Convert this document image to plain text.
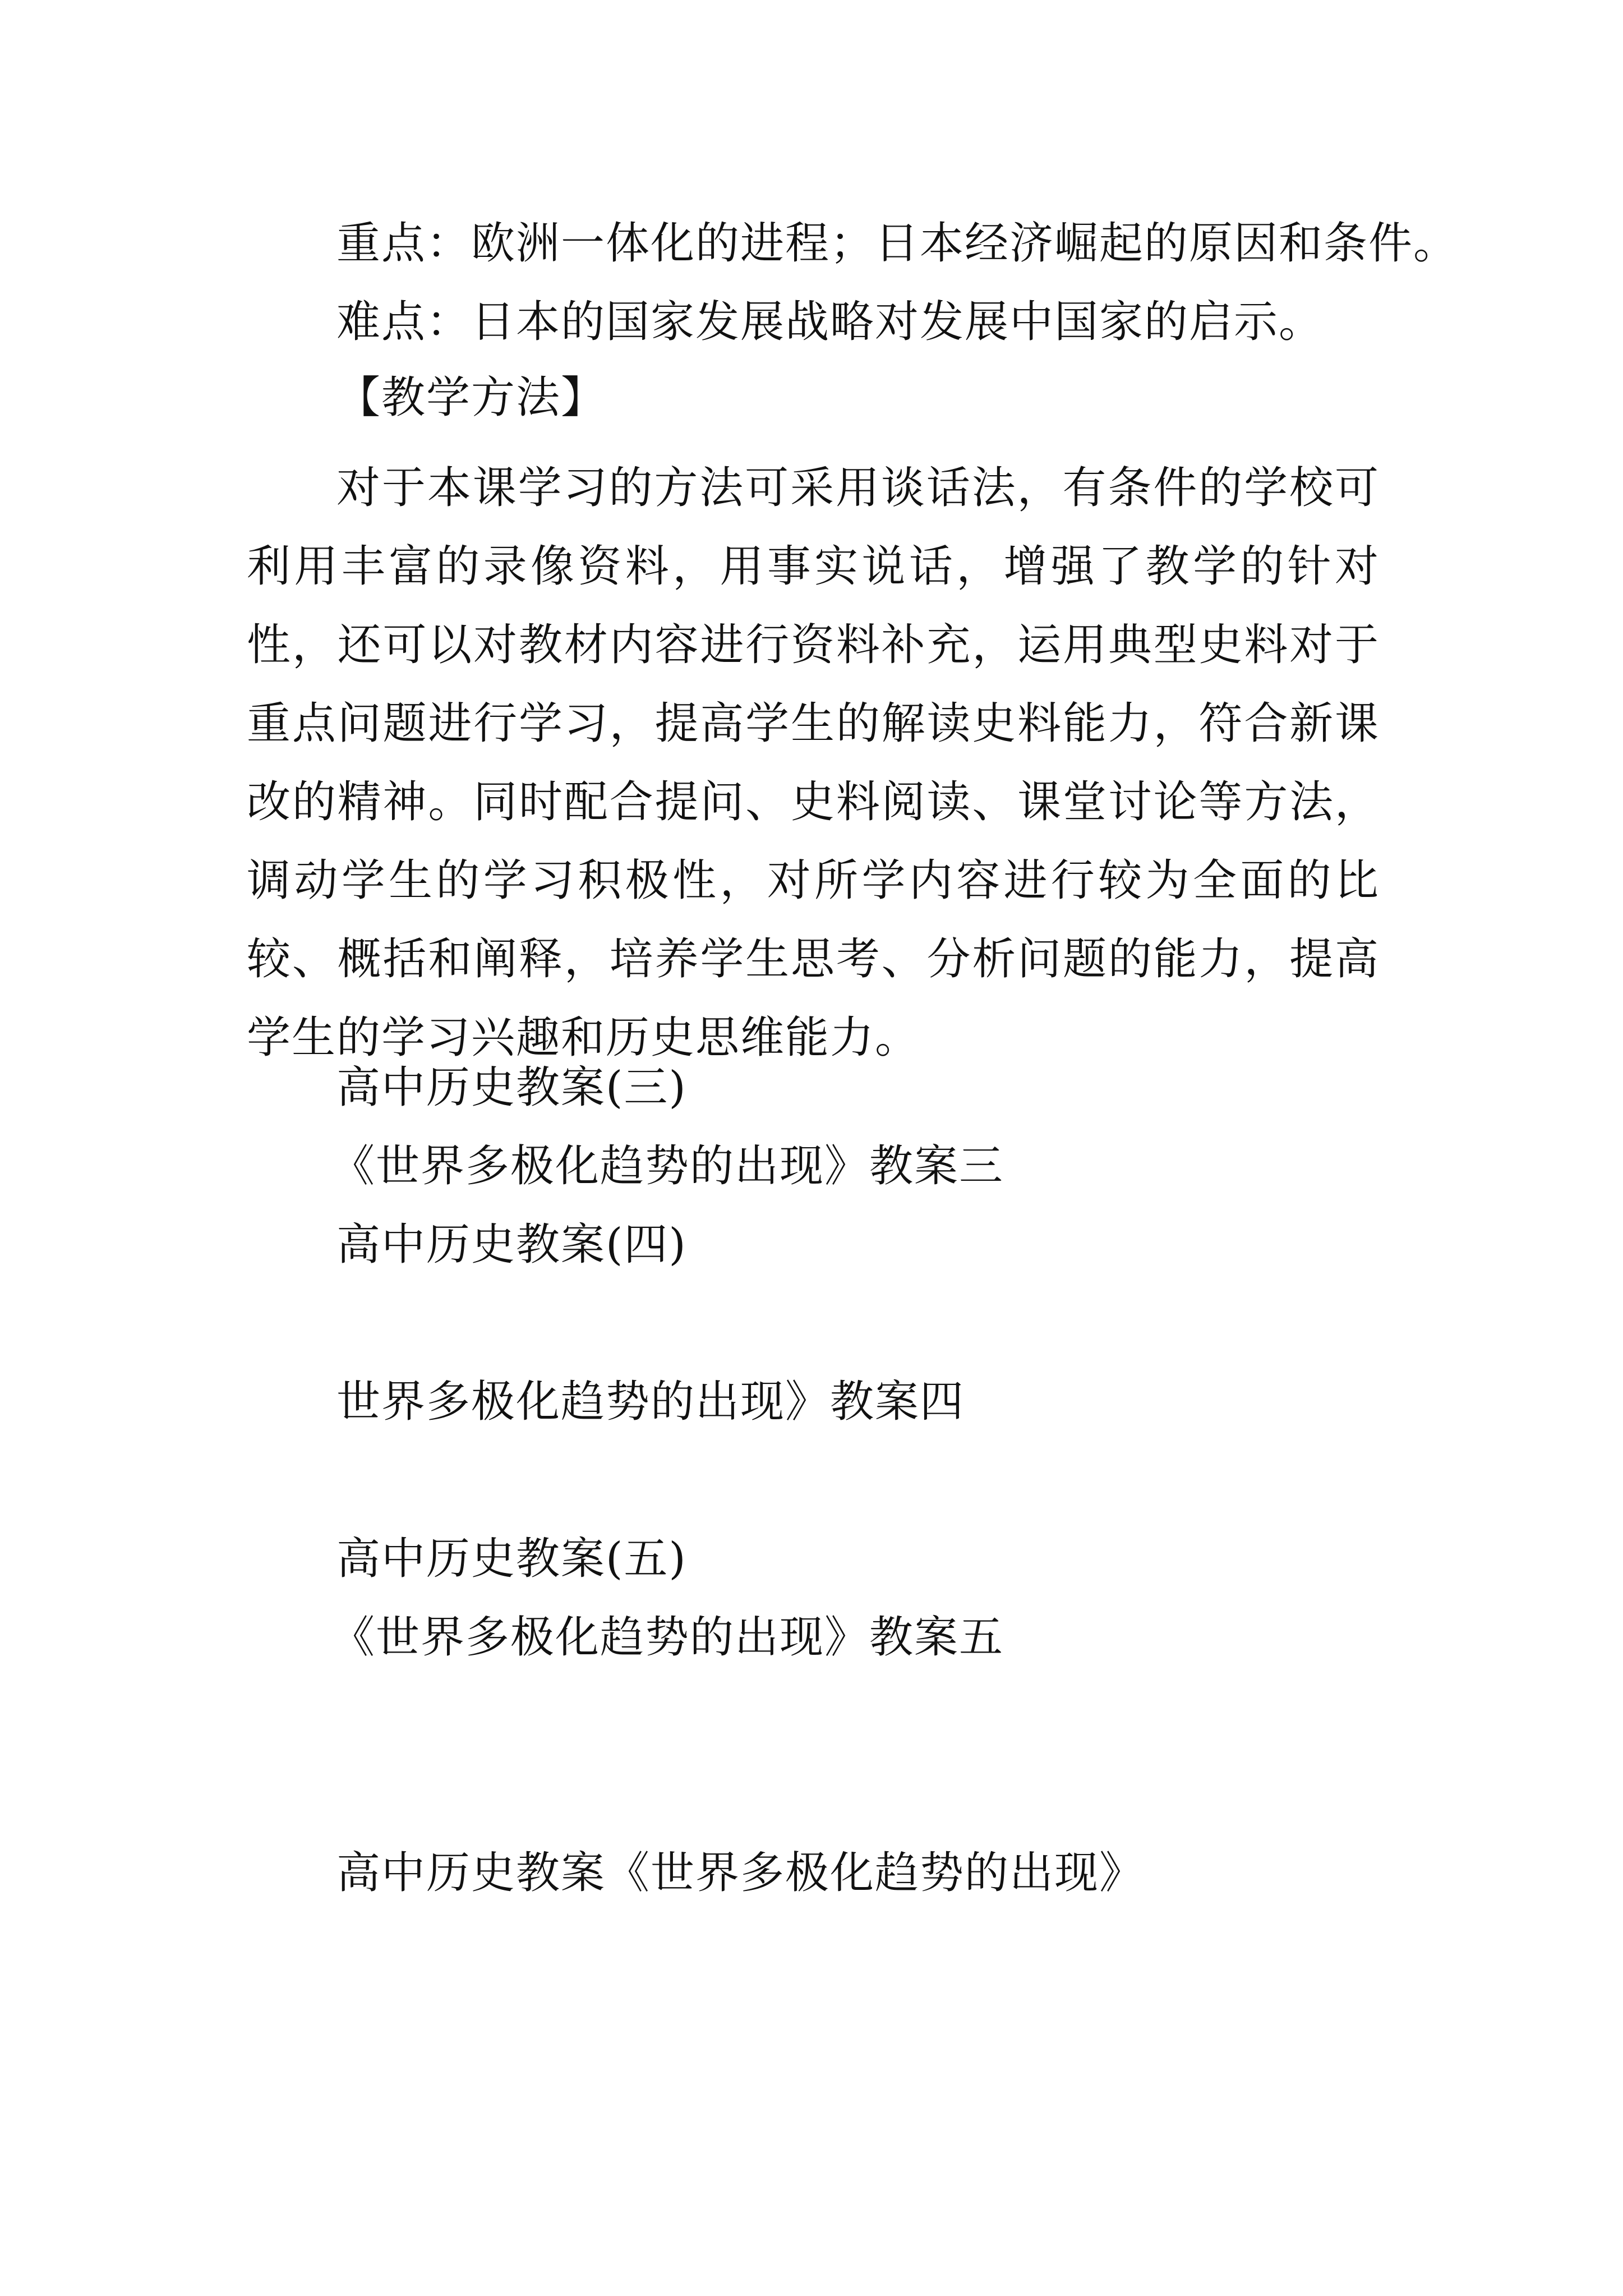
重点：欧洲一体化的进程；日本经济崛起的原因和条件。
难点：日本的国家发展战略对发展中国家的启示。
【教学方法】
对于本课学习的方法可采用谈话法，有条件的学校可利用丰富的录像资料，用事实说话，增强了教学的针对性，还可以对教材内容进行资料补充，运用典型史料对于重点问题进行学习，提高学生的解读史料能力，符合新课改的精神。同时配合提问、史料阅读、课堂讨论等方法，调动学生的学习积极性，对所学内容进行较为全面的比较、概括和阐释，培养学生思考、分析问题的能力，提高学生的学习兴趣和历史思维能力。
高中历史教案(三)
《世界多极化趋势的出现》教案三
高中历史教案(四)
世界多极化趋势的出现》教案四
高中历史教案(五)
《世界多极化趋势的出现》教案五
高中历史教案《世界多极化趋势的出现》
